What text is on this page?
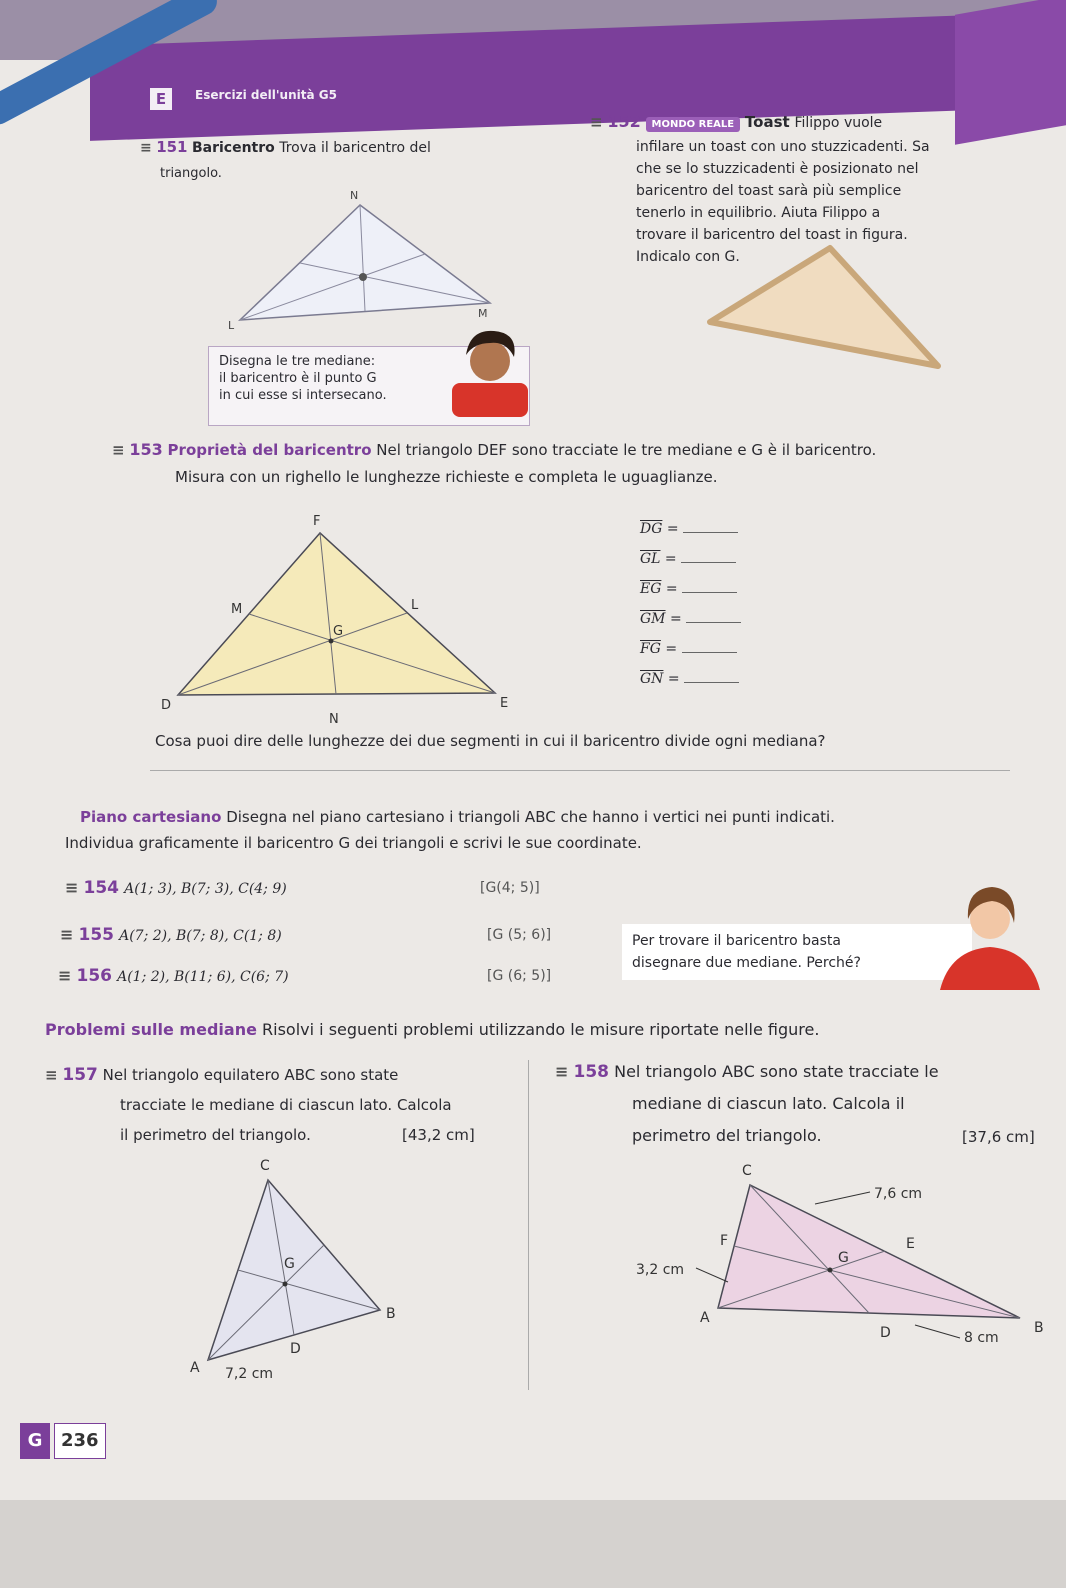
E	Esercizi dell'unità G5
≡ 151 Baricentro Trova il baricentro del
triangolo.
N
L
M
Disegna le tre mediane:
il baricentro è il punto G
in cui esse si intersecano.
≡ 152 MONDO REALE Toast Filippo vuole
infilare un toast con uno stuzzicadenti. Sa
che se lo stuzzicadenti è posizionato nel
baricentro del toast sarà più semplice
tenerlo in equilibrio. Aiuta Filippo a
trovare il baricentro del toast in figura.
Indicalo con G.
≡ 153 Proprietà del baricentro Nel triangolo DEF sono tracciate le tre mediane e G è il baricentro.
Misura con un righello le lunghezze richieste e completa le uguaglianze.
F
M	L
G
D
N
E
$\overline{DG}$ =
$\overline{GL}$ =
$\overline{EG}$ =
$\overline{GM}$ =
$\overline{FG}$ =
$\overline{GN}$ =
Cosa puoi dire delle lunghezze dei due segmenti in cui il baricentro divide ogni mediana?
Piano cartesiano Disegna nel piano cartesiano i triangoli ABC che hanno i vertici nei punti indicati.
Individua graficamente il baricentro G dei triangoli e scrivi le sue coordinate.
≡ 154 A(1; 3), B(7; 3), C(4; 9)	[G(4; 5)]
≡ 155 A(7; 2), B(7; 8), C(1; 8)	[G (5; 6)]
≡ 156 A(1; 2), B(11; 6), C(6; 7)	[G (6; 5)]
Per trovare il baricentro basta
disegnare due mediane. Perché?
Problemi sulle mediane Risolvi i seguenti problemi utilizzando le misure riportate nelle figure.
≡ 157 Nel triangolo equilatero ABC sono state
tracciate le mediane di ciascun lato. Calcola
il perimetro del triangolo.	[43,2 cm]
C
G
B
D
A 7,2 cm
≡ 158 Nel triangolo ABC sono state tracciate le
mediane di ciascun lato. Calcola il
perimetro del triangolo.	[37,6 cm]
C
7,6 cm
F
G
E
3,2 cm
A
D	8 cm
B
G	236
